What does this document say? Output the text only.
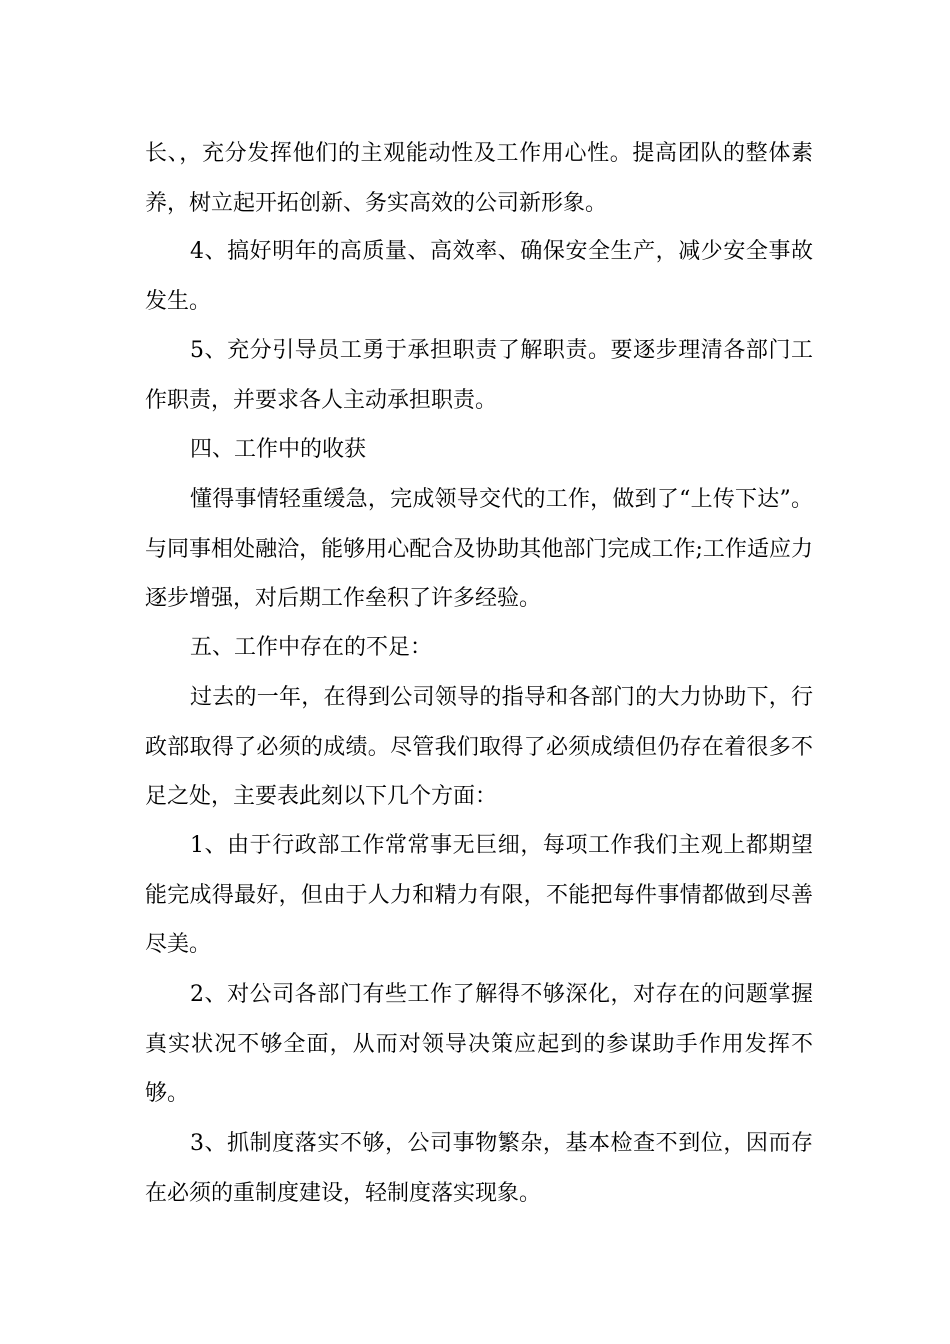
长、，充分发挥他们的主观能动性及工作用心性。提高团队的整体素养，树立起开拓创新、务实高效的公司新形象。

4、搞好明年的高质量、高效率、确保安全生产，减少安全事故发生。

5、充分引导员工勇于承担职责了解职责。要逐步理清各部门工作职责，并要求各人主动承担职责。

四、工作中的收获

懂得事情轻重缓急，完成领导交代的工作，做到了“上传下达”。与同事相处融洽，能够用心配合及协助其他部门完成工作;工作适应力逐步增强，对后期工作垒积了许多经验。

五、工作中存在的不足：

过去的一年，在得到公司领导的指导和各部门的大力协助下，行政部取得了必须的成绩。尽管我们取得了必须成绩但仍存在着很多不足之处，主要表此刻以下几个方面：

1、由于行政部工作常常事无巨细，每项工作我们主观上都期望能完成得最好，但由于人力和精力有限，不能把每件事情都做到尽善尽美。

2、对公司各部门有些工作了解得不够深化，对存在的问题掌握真实状况不够全面，从而对领导决策应起到的参谋助手作用发挥不够。

3、抓制度落实不够，公司事物繁杂，基本检查不到位，因而存在必须的重制度建设，轻制度落实现象。
